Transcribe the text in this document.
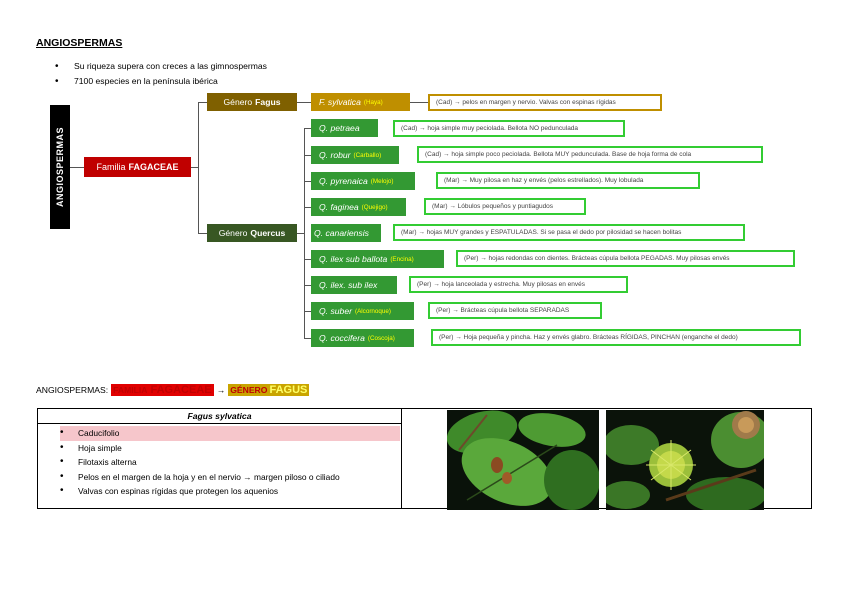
ANGIOSPERMAS
• Su riqueza supera con creces a las gimnospermas
• 7100 especies en la península ibérica
ANGIOSPERMAS	Familia FAGACEAE
Género Fagus
Género Quercus
F. sylvatica (Haya)	(Cad) → pelos en margen y nervio. Valvas con espinas rígidas
Q. petraea	(Cad) → hoja simple muy peciolada. Bellota NO pedunculada
Q. robur (Carballo)	(Cad) → hoja simple poco peciolada. Bellota MUY pedunculada. Base de hoja forma de cola
Q. pyrenaica (Melojo)	(Mar) → Muy pilosa en haz y envés (pelos estrellados). Muy lobulada
Q. faginea (Quejigo)	(Mar) → Lóbulos pequeños y puntiagudos
Q. canariensis	(Mar) → hojas MUY grandes y ESPATULADAS. Si se pasa el dedo por pilosidad se hacen bolitas
Q. ilex sub ballota (Encina)	(Per) → hojas redondas con dientes. Brácteas cúpula bellota PEGADAS. Muy pilosas envés
Q. ilex. sub ilex	(Per) → hoja lanceolada y estrecha. Muy pilosas en envés
Q. suber (Alcornoque)	(Per) → Brácteas cúpula bellota SEPARADAS
Q. coccifera (Coscoja)	(Per) → Hoja pequeña y pincha. Haz y envés glabro. Brácteas RÍGIDAS, PINCHAN (enganche el dedo)
ANGIOSPERMAS: FAMILIA FAGACEAE → GÉNERO FAGUS
Fagus sylvatica
• Caducifolio
• Hoja simple
• Filotaxis alterna
• Pelos en el margen de la hoja y en el nervio → margen piloso o ciliado
• Valvas con espinas rígidas que protegen los aquenios
